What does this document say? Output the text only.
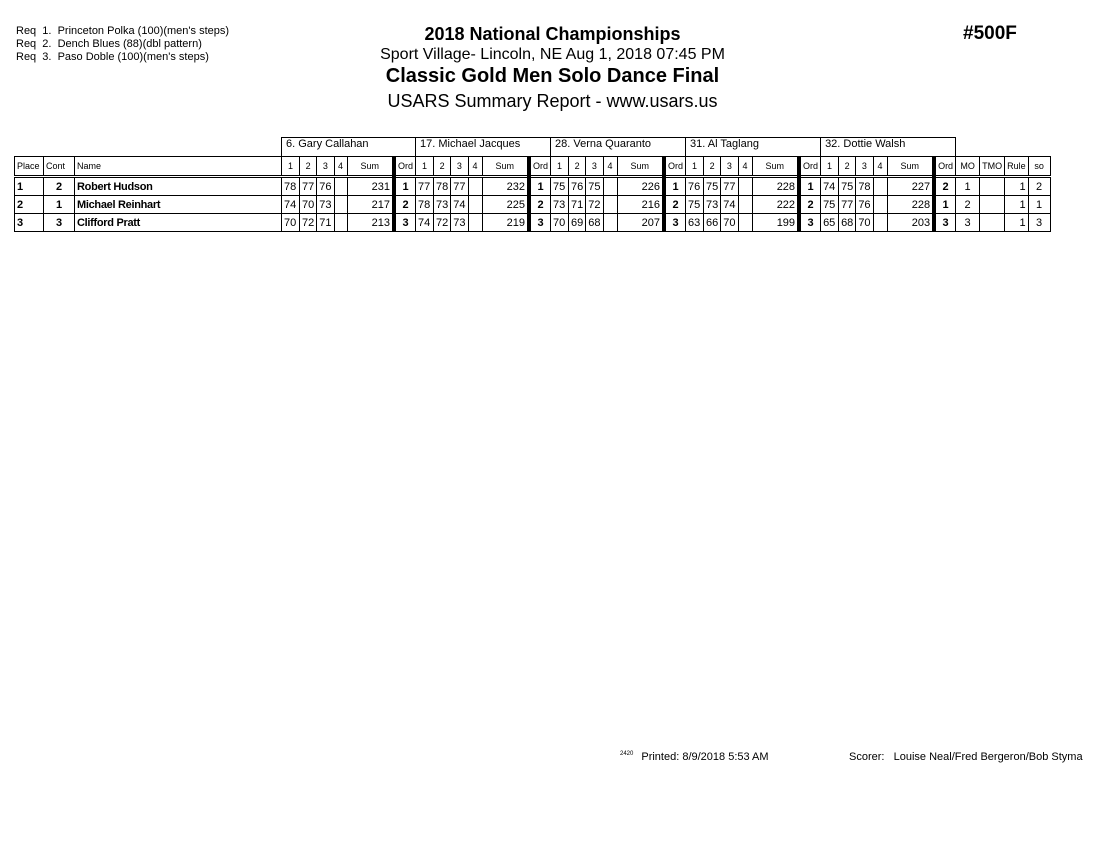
Req  1.  Princeton Polka (100)(men's steps)
Req  2.  Dench Blues (88)(dbl pattern)
Req  3.  Paso Doble (100)(men's steps)
2018 National Championships
Sport Village- Lincoln, NE Aug 1, 2018 07:45 PM
Classic Gold Men Solo Dance Final
USARS Summary Report - www.usars.us
#500F
			6. Gary Callahan						17. Michael Jacques						28. Verna Quaranto						31. Al Taglang						32. Dottie Walsh									
Place	Cont	Name	1	2	3	4	Sum	Ord	1	2	3	4	Sum	Ord	1	2	3	4	Sum	Ord	1	2	3	4	Sum	Ord	1	2	3	4	Sum	Ord	MO	TMO	Rule	so
1	2	Robert Hudson	78	77	76		231	1	77	78	77		232	1	75	76	75		226	1	76	75	77		228	1	74	75	78		227	2	1		1	2
2	1	Michael Reinhart	74	70	73		217	2	78	73	74		225	2	73	71	72		216	2	75	73	74		222	2	75	77	76		228	1	2		1	1
3	3	Clifford Pratt	70	72	71		213	3	74	72	73		219	3	70	69	68		207	3	63	66	70		199	3	65	68	70		203	3	3		1	3
$^{2420}$ Printed: 8/9/2018 5:53 AM	Scorer:   Louise Neal/Fred Bergeron/Bob Styma
